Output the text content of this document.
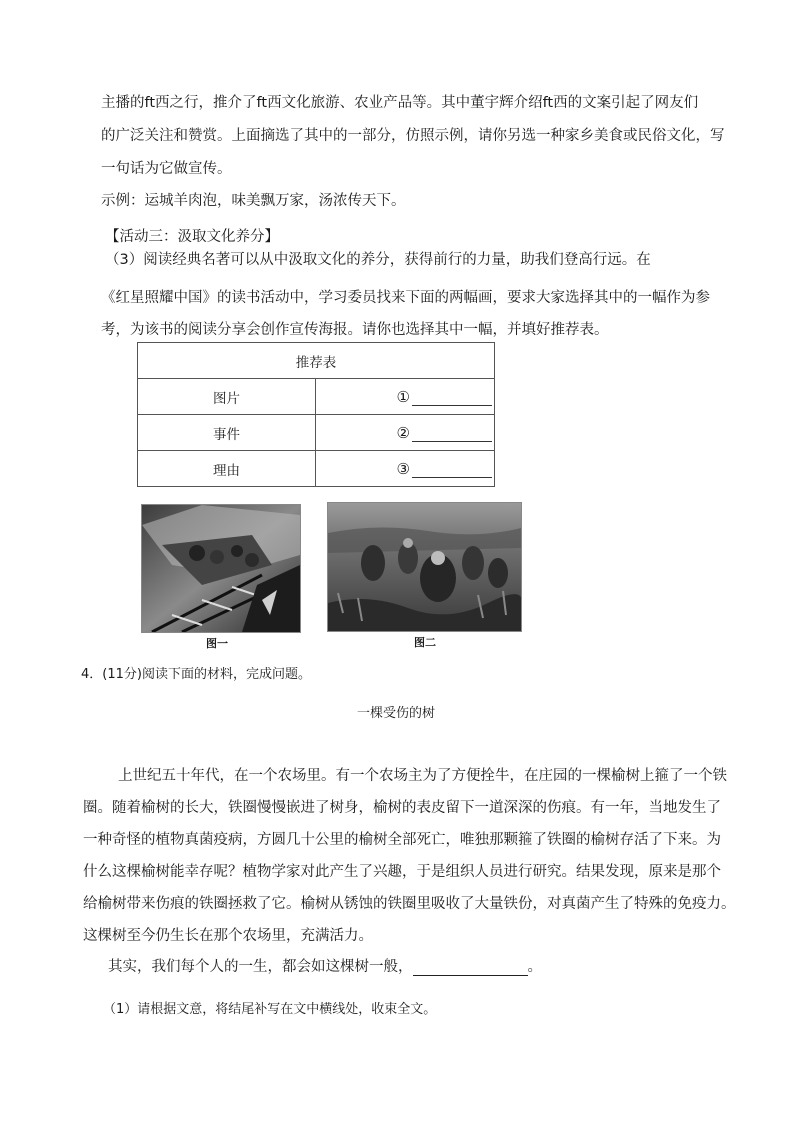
主播的ft西之行，推介了ft西文化旅游、农业产品等。其中董宇辉介绍ft西的文案引起了网友们
的广泛关注和赞赏。上面摘选了其中的一部分，仿照示例，请你另选一种家乡美食或民俗文化，写
一句话为它做宣传。
示例：运城羊肉泡，味美飘万家，汤浓传天下。
【活动三：汲取文化养分】
（3）阅读经典名著可以从中汲取文化的养分，获得前行的力量，助我们登高行远。在
《红星照耀中国》的读书活动中，学习委员找来下面的两幅画，要求大家选择其中的一幅作为参
考，为该书的阅读分享会创作宣传海报。请你也选择其中一幅，并填好推荐表。
推荐表	
图片	①
事件	②
理由	③
图一	图二
4．(11分)阅读下面的材料，完成问题。
一棵受伤的树
上世纪五十年代，在一个农场里。有一个农场主为了方便拴牛，在庄园的一棵榆树上箍了一个铁
圈。随着榆树的长大，铁圈慢慢嵌进了树身，榆树的表皮留下一道深深的伤痕。有一年，当地发生了
一种奇怪的植物真菌疫病，方圆几十公里的榆树全部死亡，唯独那颗箍了铁圈的榆树存活了下来。为
什么这棵榆树能幸存呢？植物学家对此产生了兴趣，于是组织人员进行研究。结果发现，原来是那个
给榆树带来伤痕的铁圈拯救了它。榆树从锈蚀的铁圈里吸收了大量铁份，对真菌产生了特殊的免疫力。
这棵树至今仍生长在那个农场里，充满活力。
其实，我们每个人的一生，都会如这棵树一般，	。
（1）请根据文意，将结尾补写在文中横线处，收束全文。
